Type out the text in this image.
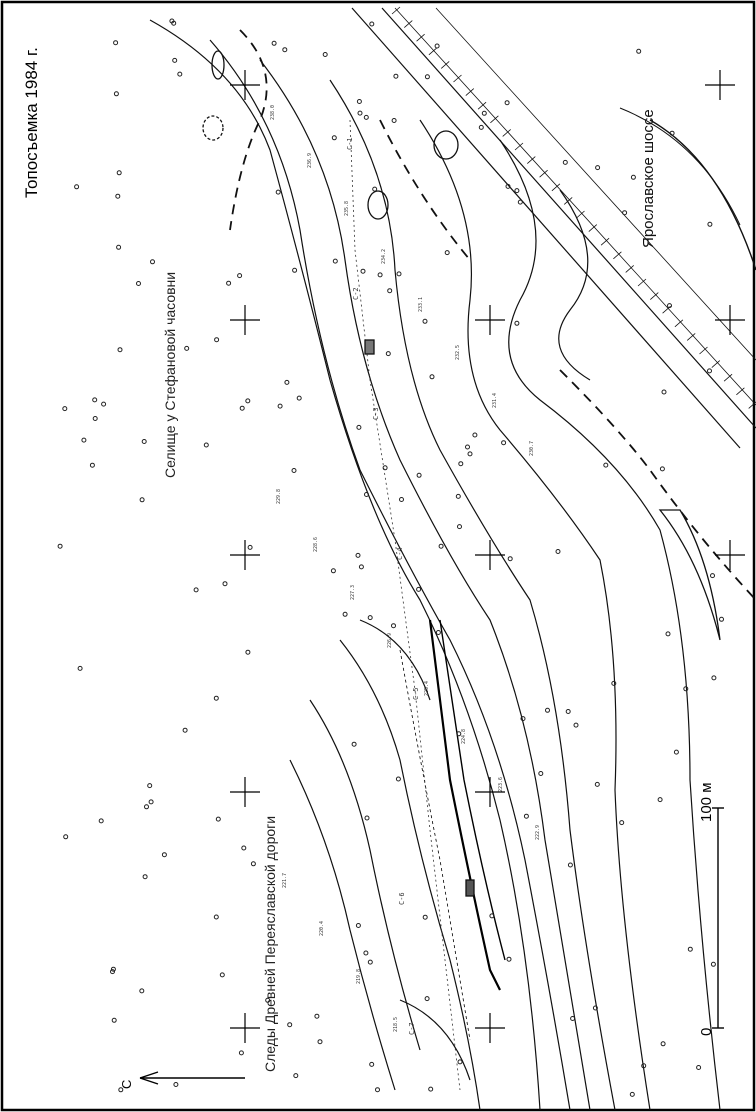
Топосъемка 1984 г.
Селище у Стефановой часовни
Следы Древней Переяславской дороги
Ярославское шоссе
100 м
0
С
238.0
236.9
235.8
234.2
233.1
232.5
231.4
230.7
229.8
228.6
227.3
226.9
225.4
224.8
223.6
222.9
221.7
220.4
219.8
218.5
С-1
С-2
С-3
С-4
С-5
С-6
С-7
